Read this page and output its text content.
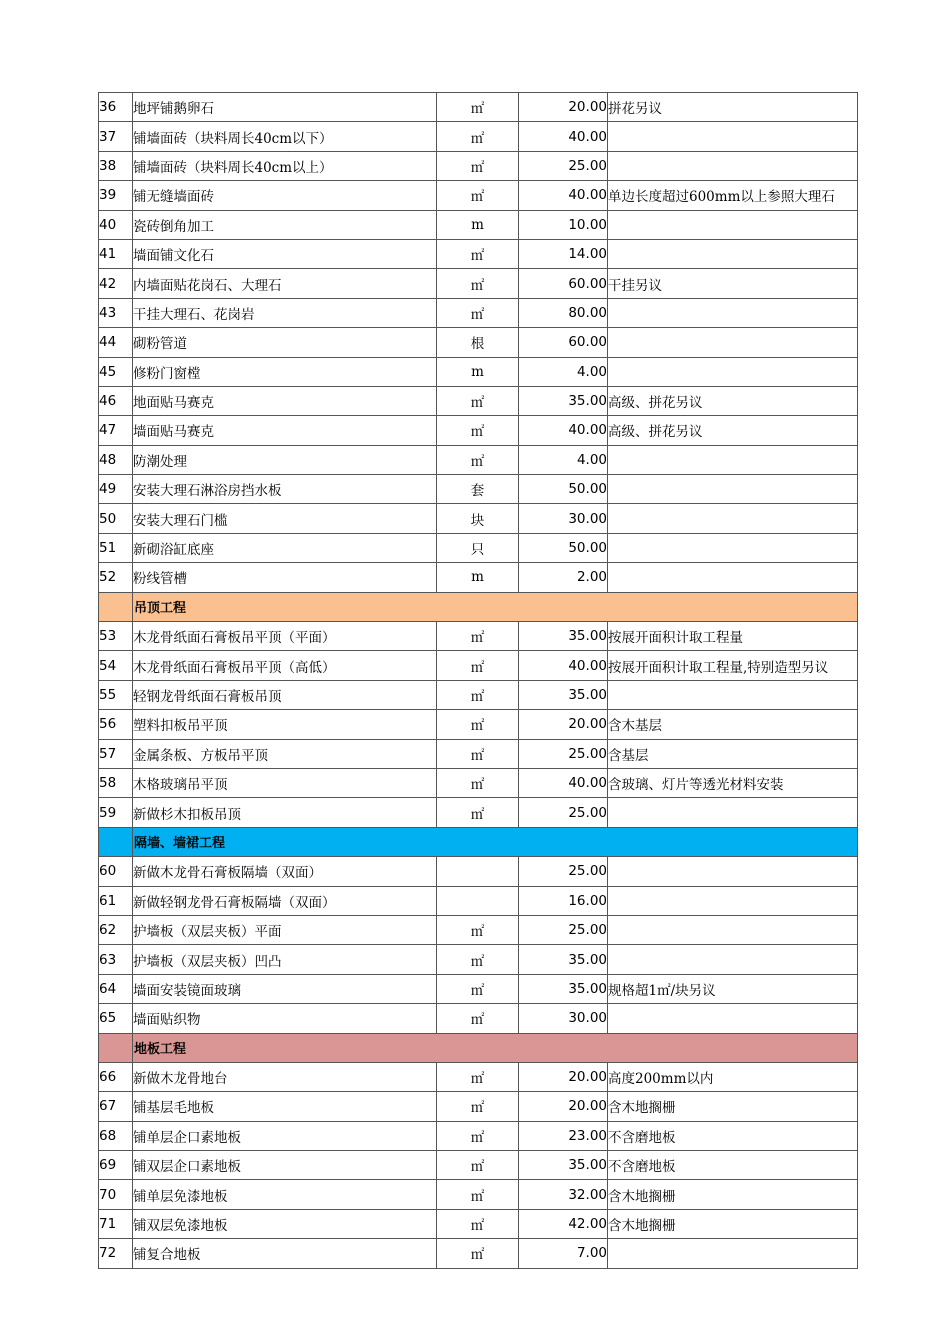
36	地坪铺鹅卵石	㎡	20.00	拼花另议
37	铺墙面砖（块料周长40cm以下）	㎡	40.00	
38	铺墙面砖（块料周长40cm以上）	㎡	25.00	
39	铺无缝墙面砖	㎡	40.00	单边长度超过600mm以上参照大理石
40	瓷砖倒角加工	m	10.00	
41	墙面铺文化石	㎡	14.00	
42	内墙面贴花岗石、大理石	㎡	60.00	干挂另议
43	干挂大理石、花岗岩	㎡	80.00	
44	砌粉管道	根	60.00	
45	修粉门窗樘	m	4.00	
46	地面贴马赛克	㎡	35.00	高级、拼花另议
47	墙面贴马赛克	㎡	40.00	高级、拼花另议
48	防潮处理	㎡	4.00	
49	安装大理石淋浴房挡水板	套	50.00	
50	安装大理石门槛	块	30.00	
51	新砌浴缸底座	只	50.00	
52	粉线管槽	m	2.00	
	吊顶工程			
53	木龙骨纸面石膏板吊平顶（平面）	㎡	35.00	按展开面积计取工程量
54	木龙骨纸面石膏板吊平顶（高低）	㎡	40.00	按展开面积计取工程量,特别造型另议
55	轻钢龙骨纸面石膏板吊顶	㎡	35.00	
56	塑料扣板吊平顶	㎡	20.00	含木基层
57	金属条板、方板吊平顶	㎡	25.00	含基层
58	木格玻璃吊平顶	㎡	40.00	含玻璃、灯片等透光材料安装
59	新做杉木扣板吊顶	㎡	25.00	
	隔墙、墙裙工程			
60	新做木龙骨石膏板隔墙（双面）		25.00	
61	新做轻钢龙骨石膏板隔墙（双面）		16.00	
62	护墙板（双层夹板）平面	㎡	25.00	
63	护墙板（双层夹板）凹凸	㎡	35.00	
64	墙面安装镜面玻璃	㎡	35.00	规格超1㎡/块另议
65	墙面贴织物	㎡	30.00	
	地板工程			
66	新做木龙骨地台	㎡	20.00	高度200mm以内
67	铺基层毛地板	㎡	20.00	含木地搁栅
68	铺单层企口素地板	㎡	23.00	不含磨地板
69	铺双层企口素地板	㎡	35.00	不含磨地板
70	铺单层免漆地板	㎡	32.00	含木地搁栅
71	铺双层免漆地板	㎡	42.00	含木地搁栅
72	铺复合地板	㎡	7.00	
